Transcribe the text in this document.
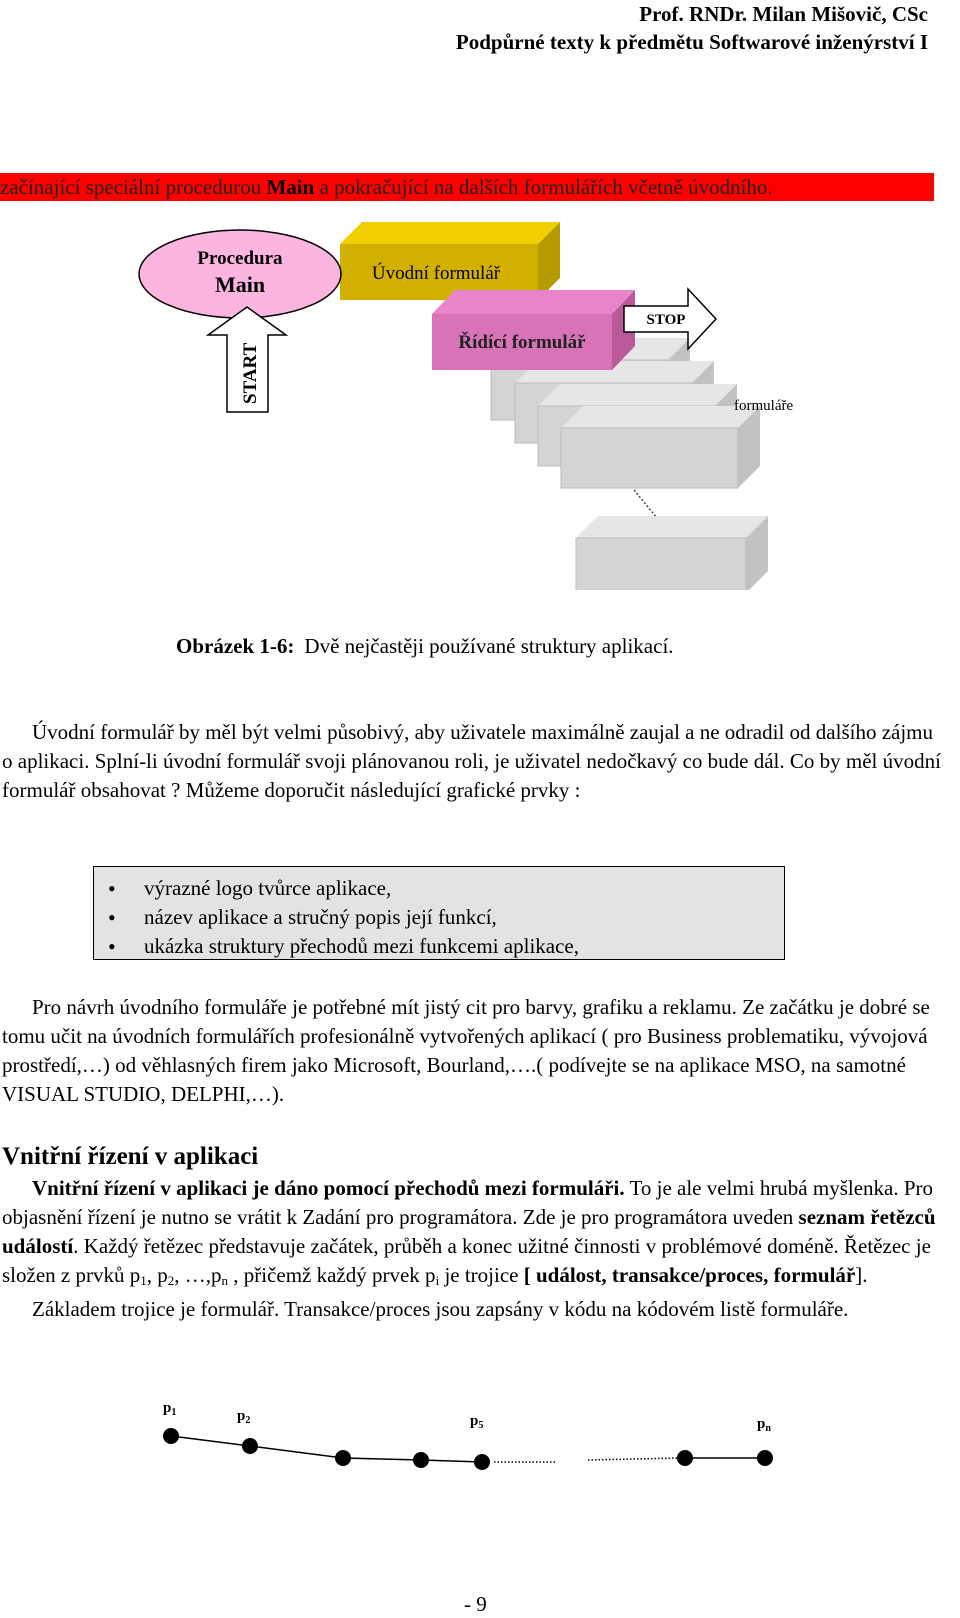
Prof. RNDr. Milan Mišovič, CSc
Podpůrné texty k předmětu Softwarové inženýrství I
začínající speciální procedurou Main a pokračující na dalších formulářích včetně úvodního.
Úvodní formulář
Řídící formulář
Procedura
Main
START
STOP
formuláře
Obrázek 1-6: Dvě nejčastěji používané struktury aplikací.

Úvodní formulář by měl být velmi působivý, aby uživatele maximálně zaujal a ne odradil od dalšího zájmu o aplikaci. Splní-li úvodní formulář svoji plánovanou roli, je uživatel nedočkavý co bude dál. Co by měl úvodní formulář obsahovat ? Můžeme doporučit následující grafické prvky :

• výrazné logo tvůrce aplikace,
• název aplikace a stručný popis její funkcí,
• ukázka struktury přechodů mezi funkcemi aplikace,

Pro návrh úvodního formuláře je potřebné mít jistý cit pro barvy, grafiku a reklamu. Ze začátku je dobré se tomu učit na úvodních formulářích profesionálně vytvořených aplikací ( pro Business problematiku, vývojová prostředí,…) od věhlasných firem jako Microsoft, Bourland,….( podívejte se na aplikace MSO, na samotné VISUAL STUDIO, DELPHI,…).

Vnitřní řízení v aplikaci

Vnitřní řízení v aplikaci je dáno pomocí přechodů mezi formuláři. To je ale velmi hrubá myšlenka. Pro objasnění řízení je nutno se vrátit k Zadání pro programátora. Zde je pro programátora uveden seznam řetězců událostí. Každý řetězec představuje začátek, průběh a konec užitné činnosti v problémové doméně. Řetězec je složen z prvků $p_1$, $p_2$, $\dots,p_n$ , přičemž každý prvek $p_i$ je trojice [ událost, transakce/proces, formulář].
Základem trojice je formulář. Transakce/proces jsou zapsány v kódu na kódovém listě formuláře.

$p_1$	$p_2$	$p_5$	$p_n$
- 9
